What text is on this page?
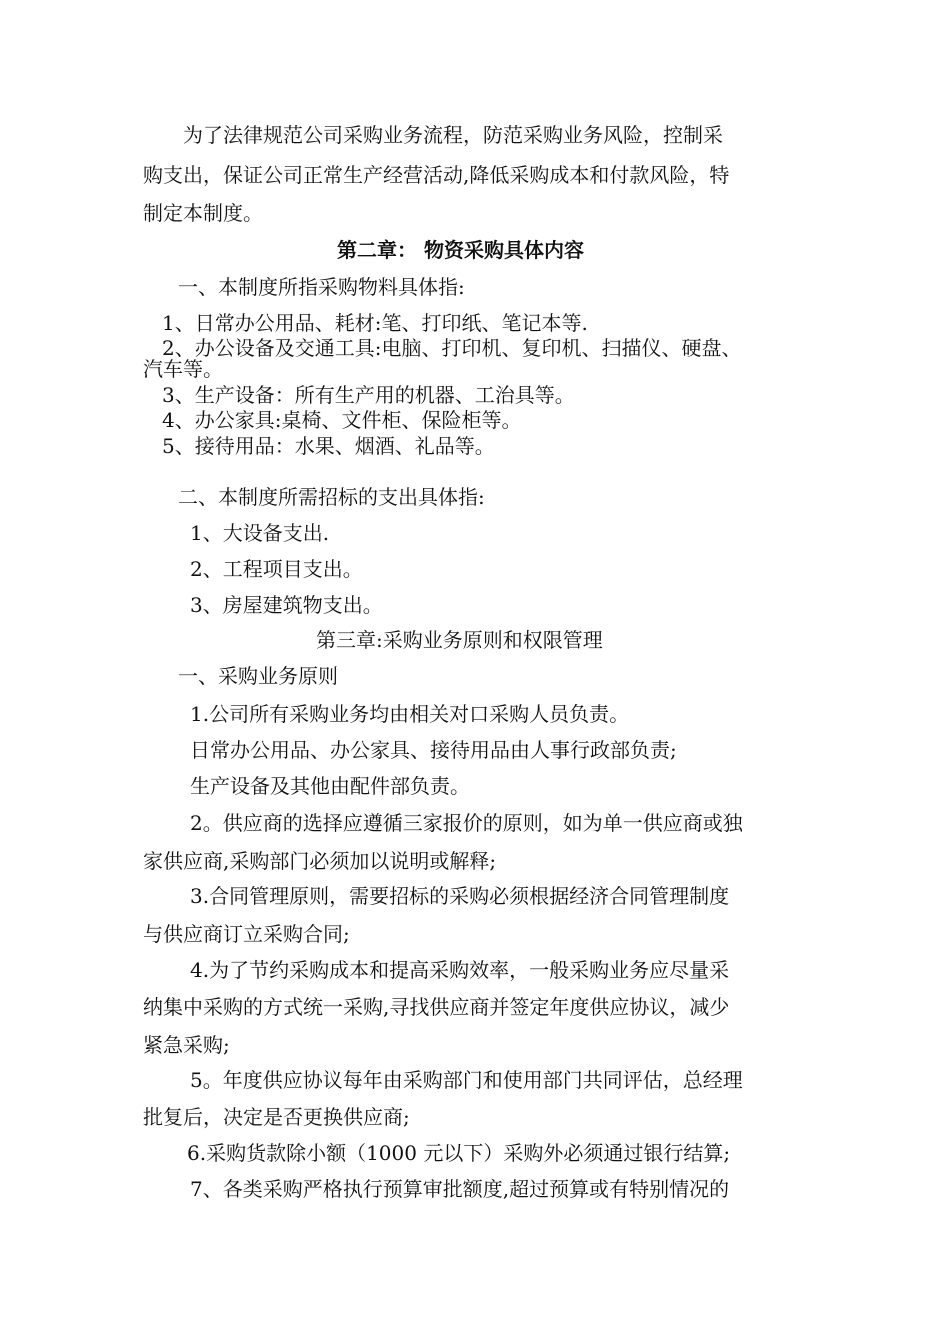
为了法律规范公司采购业务流程，防范采购业务风险，控制采
购支出，保证公司正常生产经营活动,降低采购成本和付款风险，特
制定本制度。
第二章： 物资采购具体内容
一、本制度所指采购物料具体指:
1、日常办公用品、耗材:笔、打印纸、笔记本等.
2、办公设备及交通工具:电脑、打印机、复印机、扫描仪、硬盘、
汽车等。
3、生产设备：所有生产用的机器、工治具等。
4、办公家具:桌椅、文件柜、保险柜等。
5、接待用品：水果、烟酒、礼品等。
二、本制度所需招标的支出具体指:
1、大设备支出.
2、工程项目支出。
3、房屋建筑物支出。
第三章:采购业务原则和权限管理
一、采购业务原则
1.公司所有采购业务均由相关对口采购人员负责。
日常办公用品、办公家具、接待用品由人事行政部负责;
生产设备及其他由配件部负责。
2。供应商的选择应遵循三家报价的原则，如为单一供应商或独
家供应商,采购部门必须加以说明或解释;
3.合同管理原则，需要招标的采购必须根据经济合同管理制度
与供应商订立采购合同;
4.为了节约采购成本和提高采购效率，一般采购业务应尽量采
纳集中采购的方式统一采购,寻找供应商并签定年度供应协议，减少
紧急采购;
5。年度供应协议每年由采购部门和使用部门共同评估，总经理
批复后，决定是否更换供应商;
6.采购货款除小额（1000 元以下）采购外必须通过银行结算;
7、各类采购严格执行预算审批额度,超过预算或有特别情况的
